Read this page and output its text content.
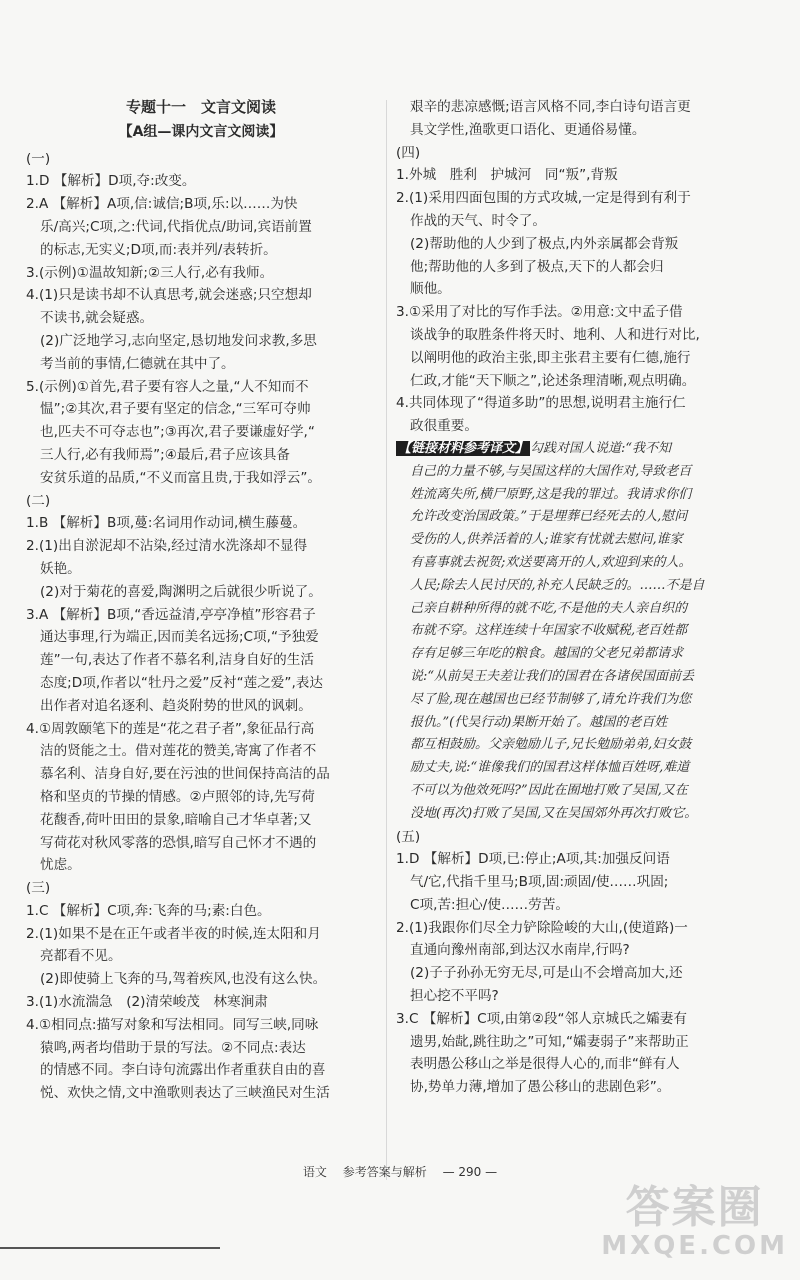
专题十一　文言文阅读
【A组—课内文言文阅读】
(一)
1.D 【解析】D项,夺:改变。
2.A 【解析】A项,信:诚信;B项,乐:以……为快
乐/高兴;C项,之:代词,代指优点/助词,宾语前置
的标志,无实义;D项,而:表并列/表转折。
3.(示例)①温故知新;②三人行,必有我师。
4.(1)只是读书却不认真思考,就会迷惑;只空想却
不读书,就会疑惑。
(2)广泛地学习,志向坚定,恳切地发问求教,多思
考当前的事情,仁德就在其中了。
5.(示例)①首先,君子要有容人之量,“人不知而不
愠”;②其次,君子要有坚定的信念,“三军可夺帅
也,匹夫不可夺志也”;③再次,君子要谦虚好学,“
三人行,必有我师焉”;④最后,君子应该具备
安贫乐道的品质,“不义而富且贵,于我如浮云”。
(二)
1.B 【解析】B项,蔓:名词用作动词,横生藤蔓。
2.(1)出自淤泥却不沾染,经过清水洗涤却不显得
妖艳。
(2)对于菊花的喜爱,陶渊明之后就很少听说了。
3.A 【解析】B项,“香远益清,亭亭净植”形容君子
通达事理,行为端正,因而美名远扬;C项,“予独爱
莲”一句,表达了作者不慕名利,洁身自好的生活
态度;D项,作者以“牡丹之爱”反衬“莲之爱”,表达
出作者对追名逐利、趋炎附势的世风的讽刺。
4.①周敦颐笔下的莲是“花之君子者”,象征品行高
洁的贤能之士。借对莲花的赞美,寄寓了作者不
慕名利、洁身自好,要在污浊的世间保持高洁的品
格和坚贞的节操的情感。②卢照邻的诗,先写荷
花馥香,荷叶田田的景象,暗喻自己才华卓著;又
写荷花对秋风零落的恐惧,暗写自己怀才不遇的
忧虑。
(三)
1.C 【解析】C项,奔:飞奔的马;素:白色。
2.(1)如果不是在正午或者半夜的时候,连太阳和月
亮都看不见。
(2)即使骑上飞奔的马,驾着疾风,也没有这么快。
3.(1)水流湍急　(2)清荣峻茂　林寒涧肃
4.①相同点:描写对象和写法相同。同写三峡,同咏
猿鸣,两者均借助于景的写法。②不同点:表达
的情感不同。李白诗句流露出作者重获自由的喜
悦、欢快之情,文中渔歌则表达了三峡渔民对生活
艰辛的悲凉感慨;语言风格不同,李白诗句语言更
具文学性,渔歌更口语化、更通俗易懂。
(四)
1.外城　胜利　护城河　同“叛”,背叛
2.(1)采用四面包围的方式攻城,一定是得到有利于
作战的天气、时令了。
(2)帮助他的人少到了极点,内外亲属都会背叛
他;帮助他的人多到了极点,天下的人都会归
顺他。
3.①采用了对比的写作手法。②用意:文中孟子借
谈战争的取胜条件将天时、地利、人和进行对比,
以阐明他的政治主张,即主张君主要有仁德,施行
仁政,才能“天下顺之”,论述条理清晰,观点明确。
4.共同体现了“得道多助”的思想,说明君主施行仁
政很重要。
【链接材料参考译文】 勾践对国人说道:“我不知
自己的力量不够,与吴国这样的大国作对,导致老百
姓流离失所,横尸原野,这是我的罪过。我请求你们
允许改变治国政策。”于是埋葬已经死去的人,慰问
受伤的人,供养活着的人;谁家有忧就去慰问,谁家
有喜事就去祝贺;欢送要离开的人,欢迎到来的人。
人民;除去人民讨厌的,补充人民缺乏的。……不是自
己亲自耕种所得的就不吃,不是他的夫人亲自织的
布就不穿。这样连续十年国家不收赋税,老百姓都
存有足够三年吃的粮食。越国的父老兄弟都请求
说:“从前吴王夫差让我们的国君在各诸侯国面前丢
尽了脸,现在越国也已经节制够了,请允许我们为您
报仇。”(代吴行动)果断开始了。越国的老百姓
都互相鼓励。父亲勉励儿子,兄长勉励弟弟,妇女鼓
励丈夫,说:“谁像我们的国君这样体恤百姓呀,难道
不可以为他效死吗?”因此在囿地打败了吴国,又在
没地(再次)打败了吴国,又在吴国郊外再次打败它。
(五)
1.D 【解析】D项,已:停止;A项,其:加强反问语
气/它,代指千里马;B项,固:顽固/使……巩固;
C项,苦:担心/使……劳苦。
2.(1)我跟你们尽全力铲除险峻的大山,(使道路)一
直通向豫州南部,到达汉水南岸,行吗?
(2)子子孙孙无穷无尽,可是山不会增高加大,还
担心挖不平吗?
3.C 【解析】C项,由第②段“邻人京城氏之孀妻有
遗男,始龀,跳往助之”可知,“孀妻弱子”来帮助正
表明愚公移山之举是很得人心的,而非“鲜有人
协,势单力薄,增加了愚公移山的悲剧色彩”。
语文 参考答案与解析 — 290 —
答案圈
MXQE.COM
